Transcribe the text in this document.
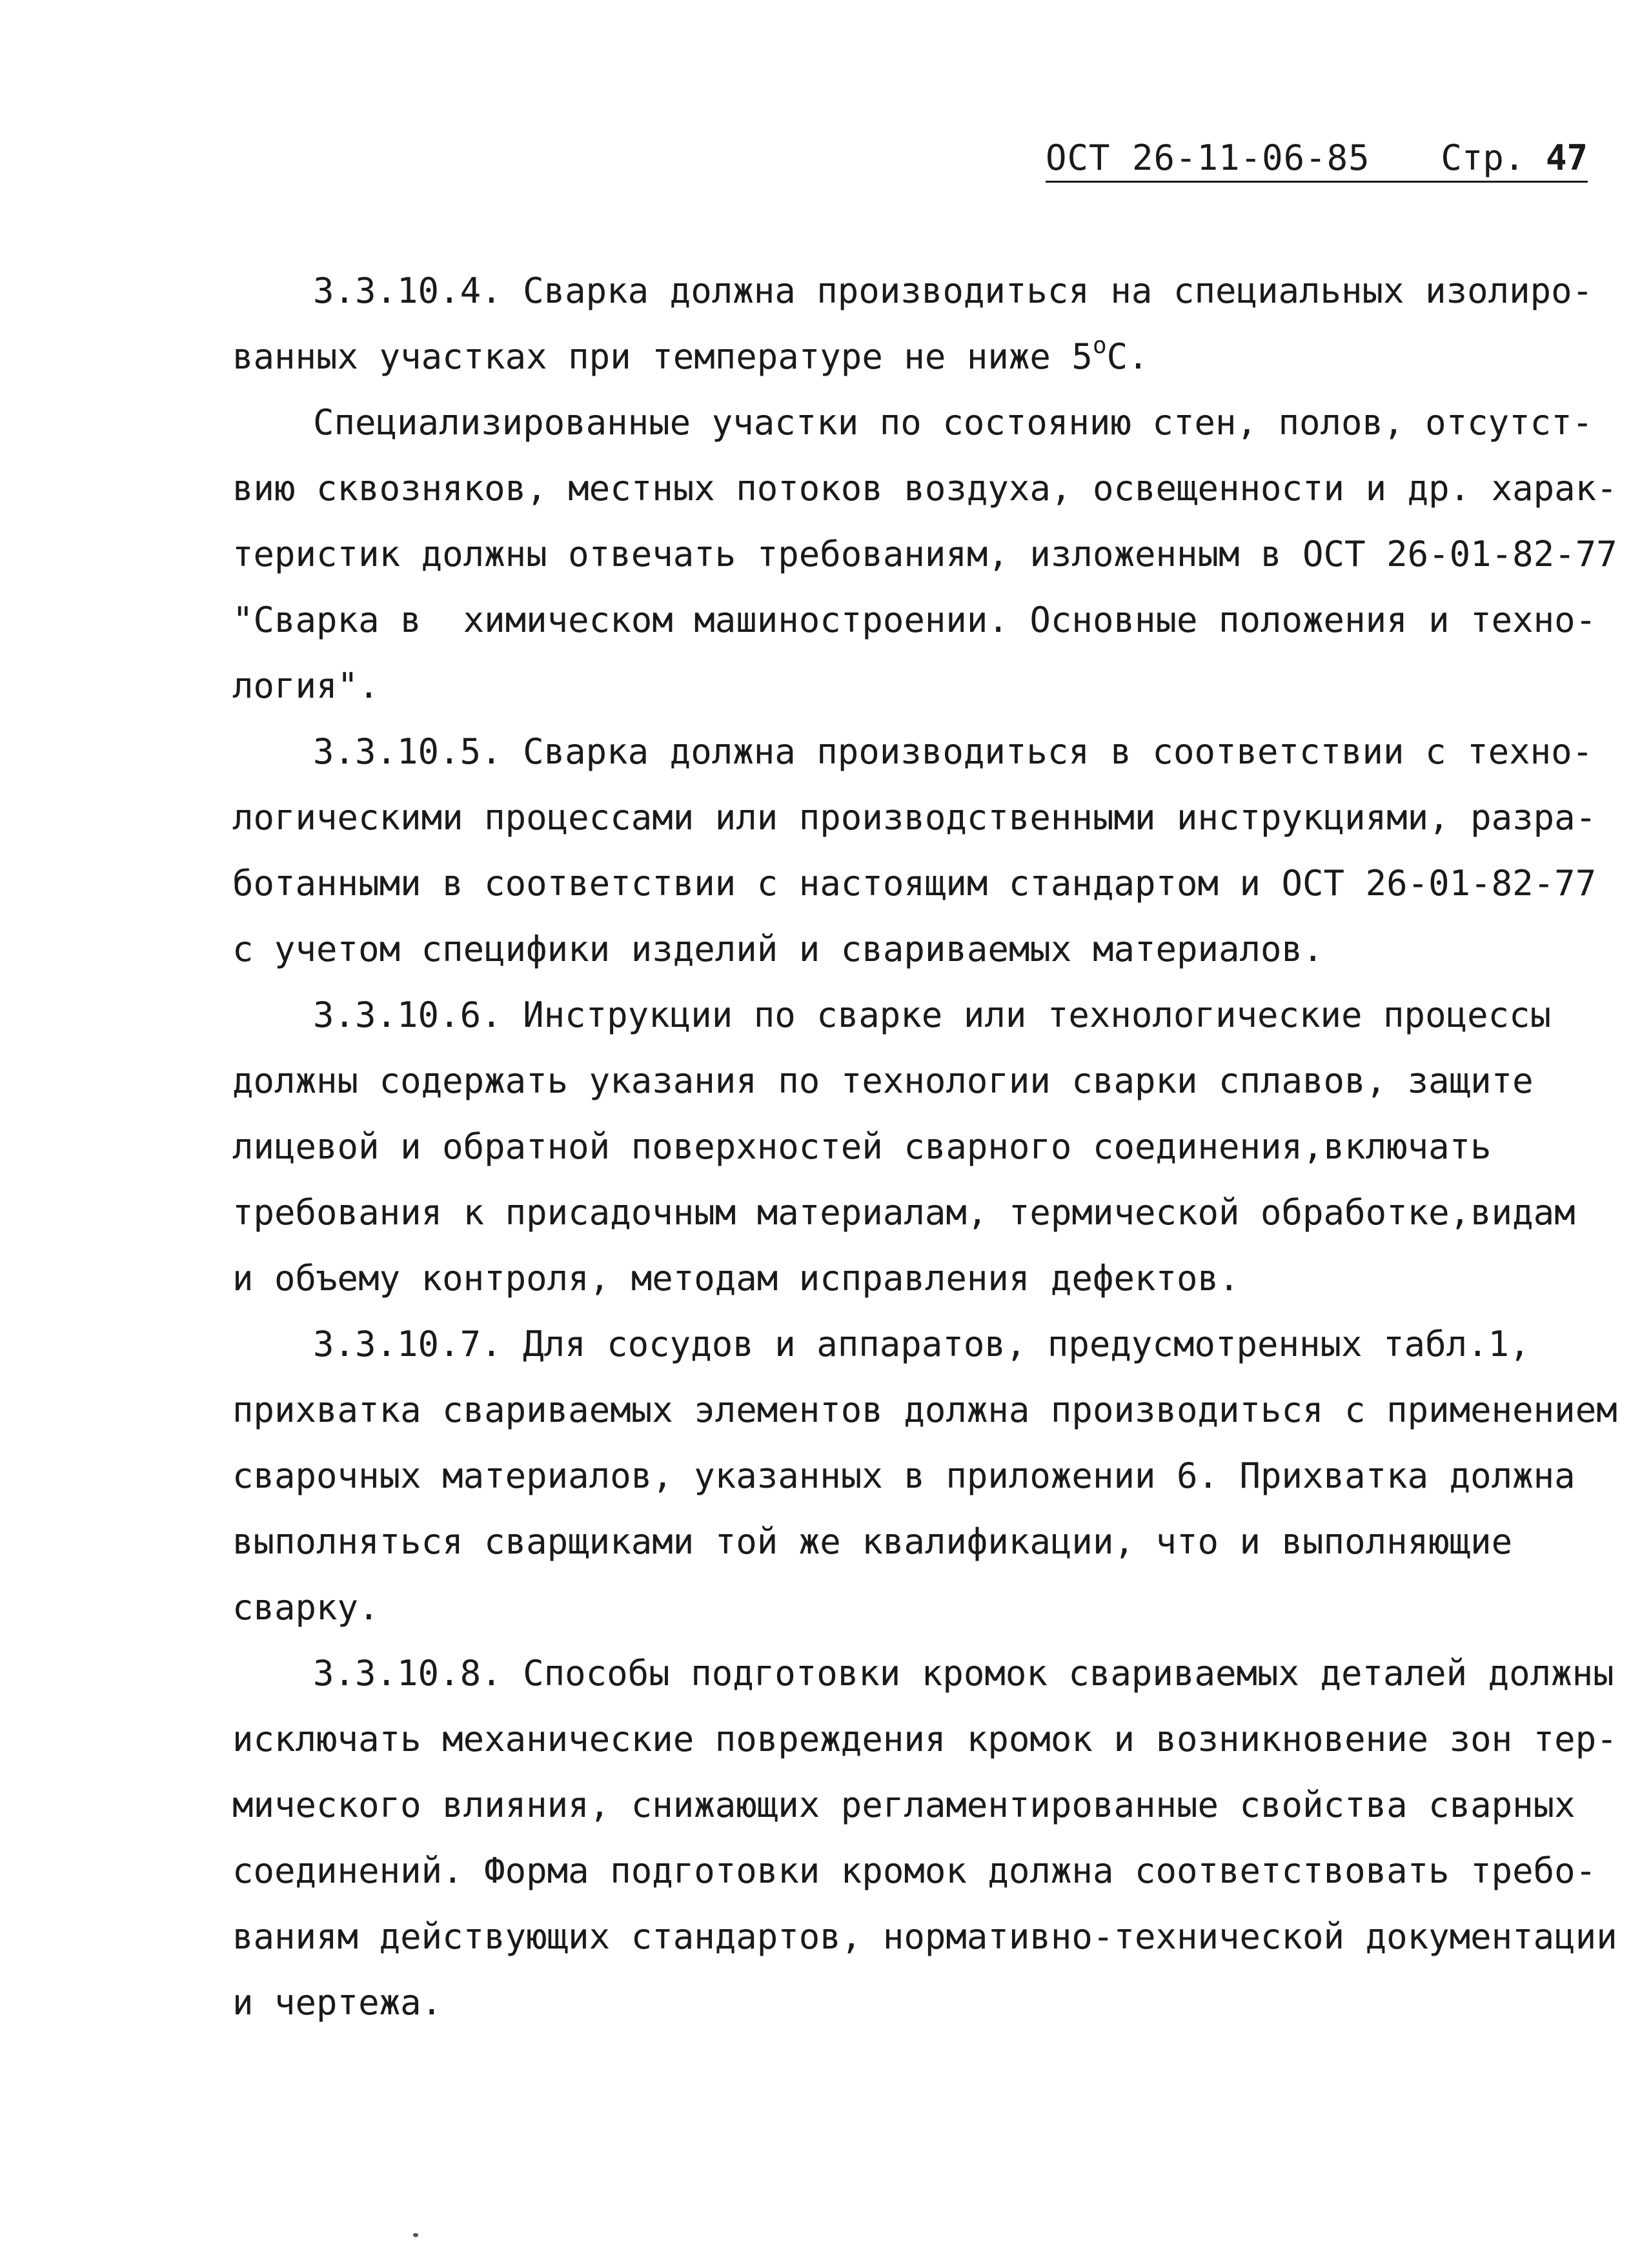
ОСТ 26-11-06-85 Стр. 47
3.3.10.4. Сварка должна производиться на специальных изолиро-
ванных участках при температуре не ниже $5^оС$.
Специализированные участки по состоянию стен, полов, отсутст-
вию сквозняков, местных потоков воздуха, освещенности и др. харак-
теристик должны отвечать требованиям, изложенным в ОСТ 26-01-82-77
"Сварка в  химическом машиностроении. Основные положения и техно-
логия".
3.3.10.5. Сварка должна производиться в соответствии с техно-
логическими процессами или производственными инструкциями, разра-
ботанными в соответствии с настоящим стандартом и ОСТ 26-01-82-77
с учетом специфики изделий и свариваемых материалов.
3.3.10.6. Инструкции по сварке или технологические процессы
должны содержать указания по технологии сварки сплавов, защите
лицевой и обратной поверхностей сварного соединения,включать
требования к присадочным материалам, термической обработке,видам
и объему контроля, методам исправления дефектов.
3.3.10.7. Для сосудов и аппаратов, предусмотренных табл.1,
прихватка свариваемых элементов должна производиться с применением
сварочных материалов, указанных в приложении 6. Прихватка должна
выполняться сварщиками той же квалификации, что и выполняющие
сварку.
3.3.10.8. Способы подготовки кромок свариваемых деталей должны
исключать механические повреждения кромок и возникновение зон тер-
мического влияния, снижающих регламентированные свойства сварных
соединений. Форма подготовки кромок должна соответствовать требо-
ваниям действующих стандартов, нормативно-технической документации
и чертежа.
